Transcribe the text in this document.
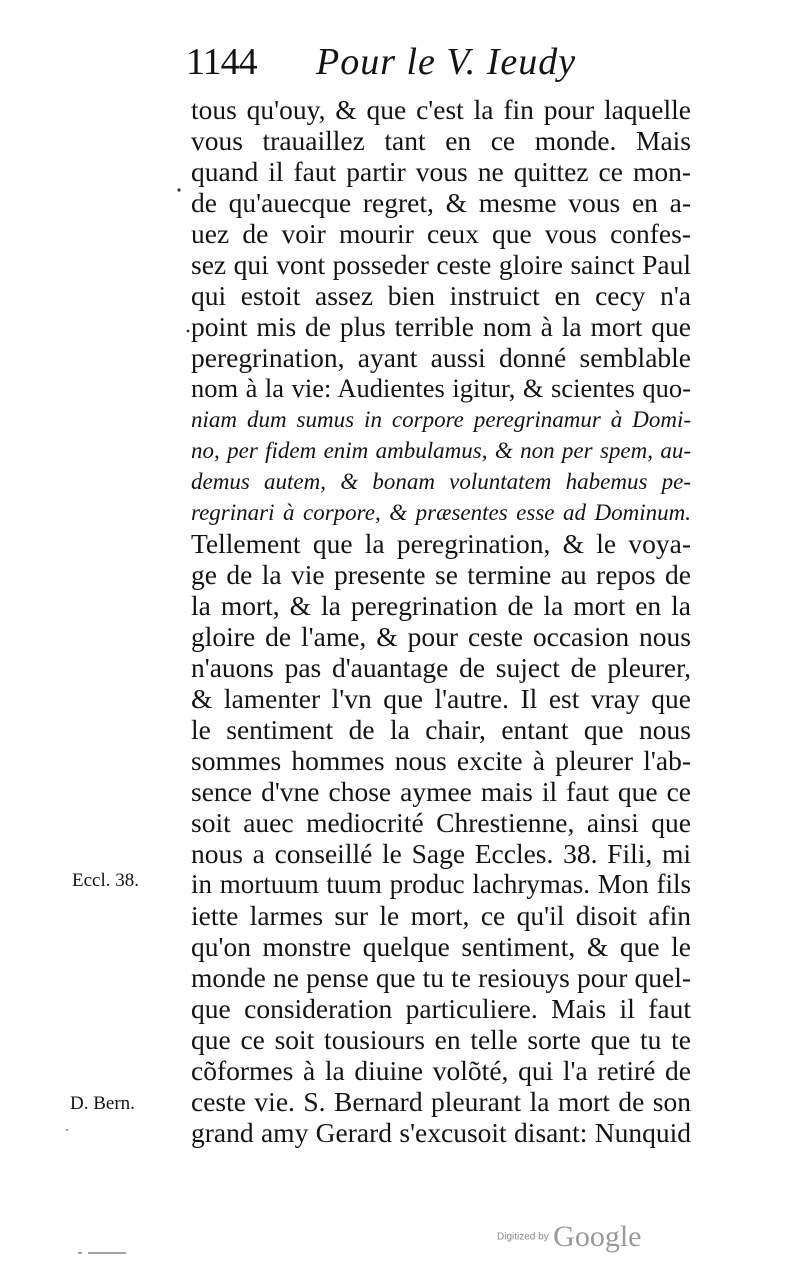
1144 Pour le V. Ieudy
tous qu'ouy, & que c'est la fin pour laquelle
vous trauaillez tant en ce monde. Mais
quand il faut partir vous ne quittez ce mon-
de qu'auecque regret, & mesme vous en a-
uez de voir mourir ceux que vous confes-
sez qui vont posseder ceste gloire sainct Paul
qui estoit assez bien instruict en cecy n'a
point mis de plus terrible nom à la mort que
peregrination, ayant aussi donné semblable
nom à la vie: Audientes igitur, & scientes quo-
niam dum sumus in corpore peregrinamur à Domi-
no, per fidem enim ambulamus, & non per spem, au-
demus autem, & bonam voluntatem habemus pe-
regrinari à corpore, & præsentes esse ad Dominum.
Tellement que la peregrination, & le voya-
ge de la vie presente se termine au repos de
la mort, & la peregrination de la mort en la
gloire de l'ame, & pour ceste occasion nous
n'auons pas d'auantage de suject de pleurer,
& lamenter l'vn que l'autre. Il est vray que
le sentiment de la chair, entant que nous
sommes hommes nous excite à pleurer l'ab-
sence d'vne chose aymee mais il faut que ce
soit auec mediocrité Chrestienne, ainsi que
nous a conseillé le Sage Eccles. 38. Fili, mi
in mortuum tuum produc lachrymas. Mon fils
iette larmes sur le mort, ce qu'il disoit afin
qu'on monstre quelque sentiment, & que le
monde ne pense que tu te resiouys pour quel-
que consideration particuliere. Mais il faut
que ce soit tousiours en telle sorte que tu te
cõformes à la diuine volõté, qui l'a retiré de
ceste vie. S. Bernard pleurant la mort de son
grand amy Gerard s'excusoit disant: Nunquid
Eccl. 38.
D. Bern.
Digitized by Google
